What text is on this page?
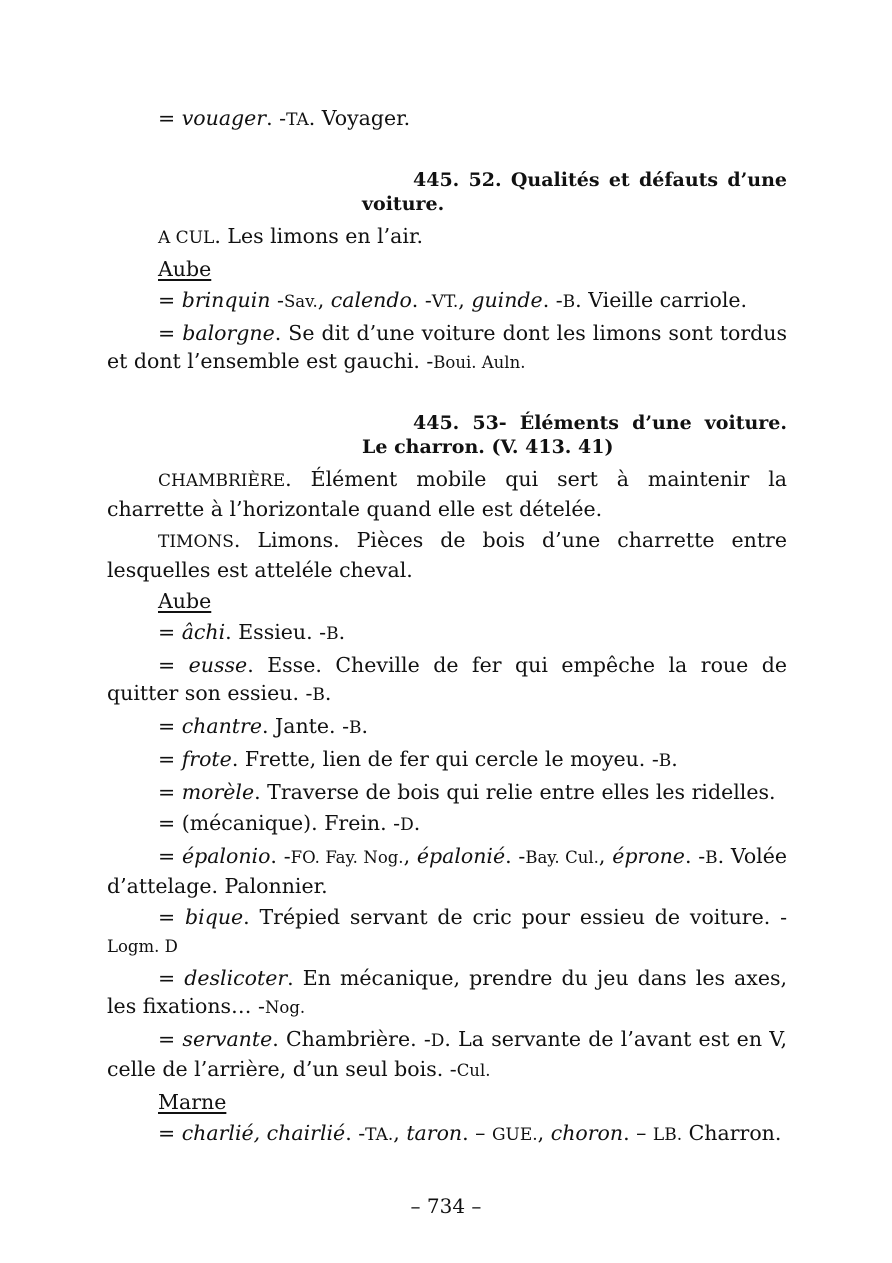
= vouager. -TA. Voyager.

445. 52. Qualités et défauts d’une voiture.

A CUL. Les limons en l’air.

Aube

= brinquin -Sav., calendo. -VT., guinde. -B. Vieille carriole.

= balorgne. Se dit d’une voiture dont les limons sont tordus et dont l’ensemble est gauchi. -Boui. Auln.

445. 53- Éléments d’une voiture. Le charron. (V. 413. 41)

CHAMBRIÈRE. Élément mobile qui sert à maintenir la charrette à l’horizontale quand elle est dételée.

TIMONS. Limons. Pièces de bois d’une charrette entre lesquelles est atteléle cheval.

Aube

= âchi. Essieu. -B.

= eusse. Esse. Cheville de fer qui empêche la roue de quitter son essieu. -B.

= chantre. Jante. -B.

= frote. Frette, lien de fer qui cercle le moyeu. -B.

= morèle. Traverse de bois qui relie entre elles les ridelles.

= (mécanique). Frein. -D.

= épalonio. -FO. Fay. Nog., épalonié. -Bay. Cul., éprone. -B. Volée d’attelage. Palonnier.

= bique. Trépied servant de cric pour essieu de voiture. -Logm. D

= deslicoter. En mécanique, prendre du jeu dans les axes, les fixations… -Nog.

= servante. Chambrière. -D. La servante de l’avant est en V, celle de l’arrière, d’un seul bois. -Cul.

Marne

= charlié, chairlié. -TA., taron. – GUE., choron. – LB. Charron.

– 734 –
